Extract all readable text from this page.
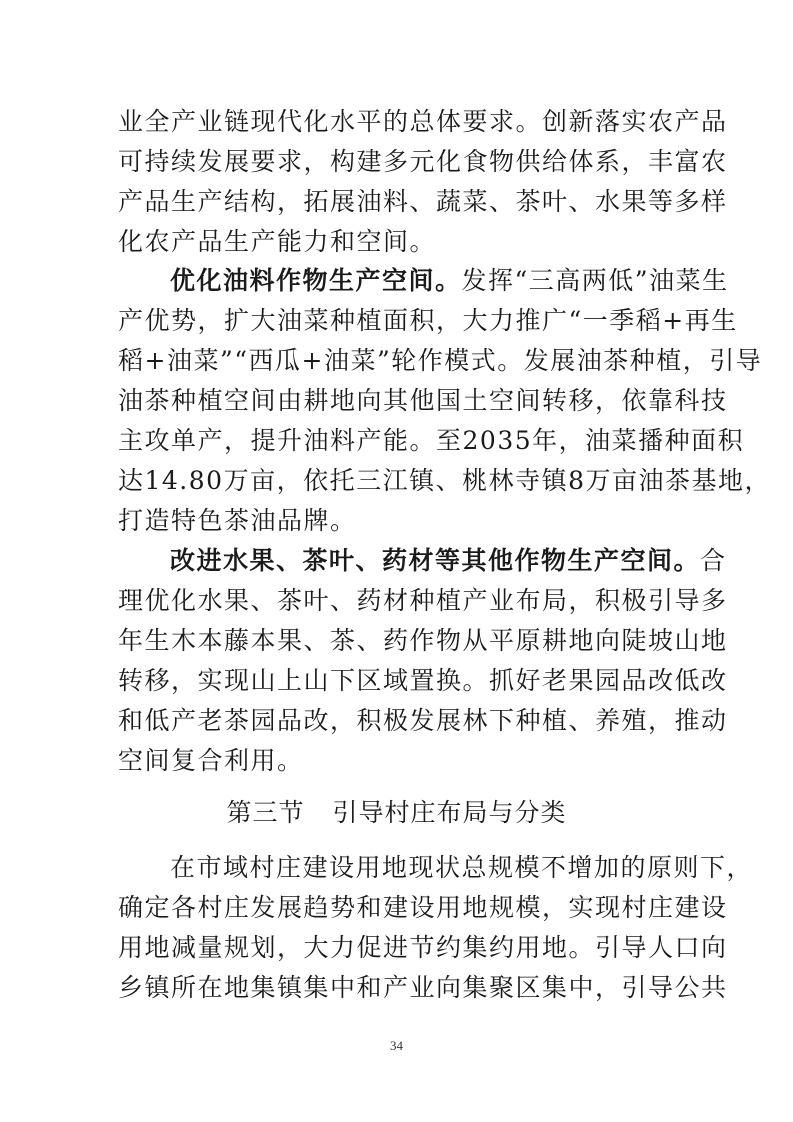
业全产业链现代化水平的总体要求。创新落实农产品
可持续发展要求，构建多元化食物供给体系，丰富农
产品生产结构，拓展油料、蔬菜、茶叶、水果等多样
化农产品生产能力和空间。
优化油料作物生产空间。发挥“三高两低”油菜生
产优势，扩大油菜种植面积，大力推广“一季稻+再生
稻+油菜”“西瓜+油菜”轮作模式。发展油茶种植，引导
油茶种植空间由耕地向其他国土空间转移，依靠科技
主攻单产，提升油料产能。至2035年，油菜播种面积
达14.80万亩，依托三江镇、桃林寺镇8万亩油茶基地，
打造特色茶油品牌。
改进水果、茶叶、药材等其他作物生产空间。合
理优化水果、茶叶、药材种植产业布局，积极引导多
年生木本藤本果、茶、药作物从平原耕地向陡坡山地
转移，实现山上山下区域置换。抓好老果园品改低改
和低产老茶园品改，积极发展林下种植、养殖，推动
空间复合利用。
第三节 引导村庄布局与分类
在市域村庄建设用地现状总规模不增加的原则下，
确定各村庄发展趋势和建设用地规模，实现村庄建设
用地减量规划，大力促进节约集约用地。引导人口向
乡镇所在地集镇集中和产业向集聚区集中，引导公共
34
